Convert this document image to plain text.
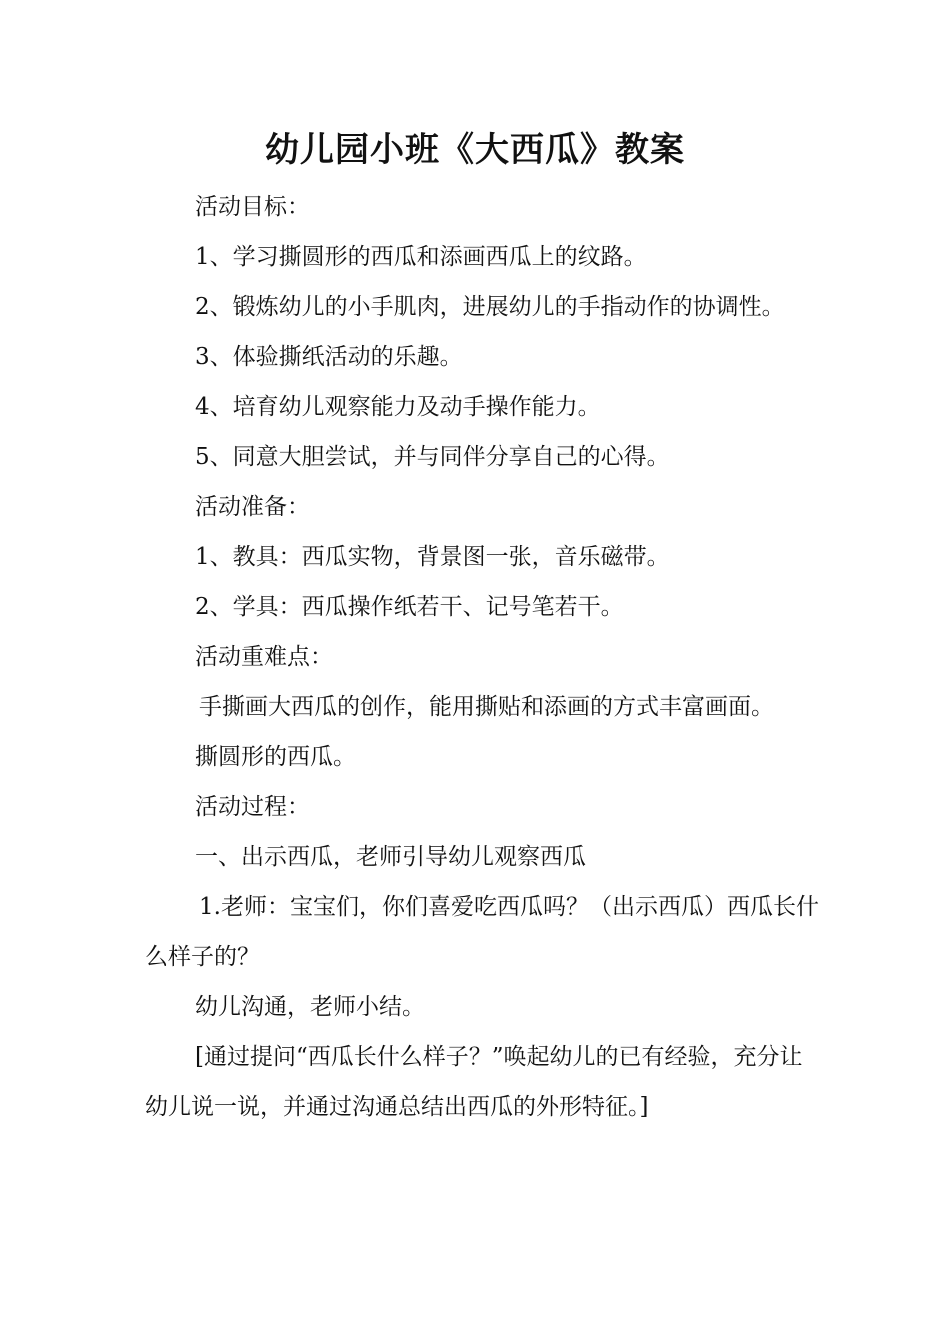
幼儿园小班《大西瓜》教案

活动目标：

1、学习撕圆形的西瓜和添画西瓜上的纹路。

2、锻炼幼儿的小手肌肉，进展幼儿的手指动作的协调性。

3、体验撕纸活动的乐趣。

4、培育幼儿观察能力及动手操作能力。

5、同意大胆尝试，并与同伴分享自己的心得。

活动准备：

1、教具：西瓜实物，背景图一张，音乐磁带。

2、学具：西瓜操作纸若干、记号笔若干。

活动重难点：

手撕画大西瓜的创作，能用撕贴和添画的方式丰富画面。

撕圆形的西瓜。

活动过程：

一、出示西瓜，老师引导幼儿观察西瓜

1.老师：宝宝们，你们喜爱吃西瓜吗？（出示西瓜）西瓜长什么样子的？

幼儿沟通，老师小结。

[通过提问“西瓜长什么样子？”唤起幼儿的已有经验，充分让幼儿说一说，并通过沟通总结出西瓜的外形特征。]
